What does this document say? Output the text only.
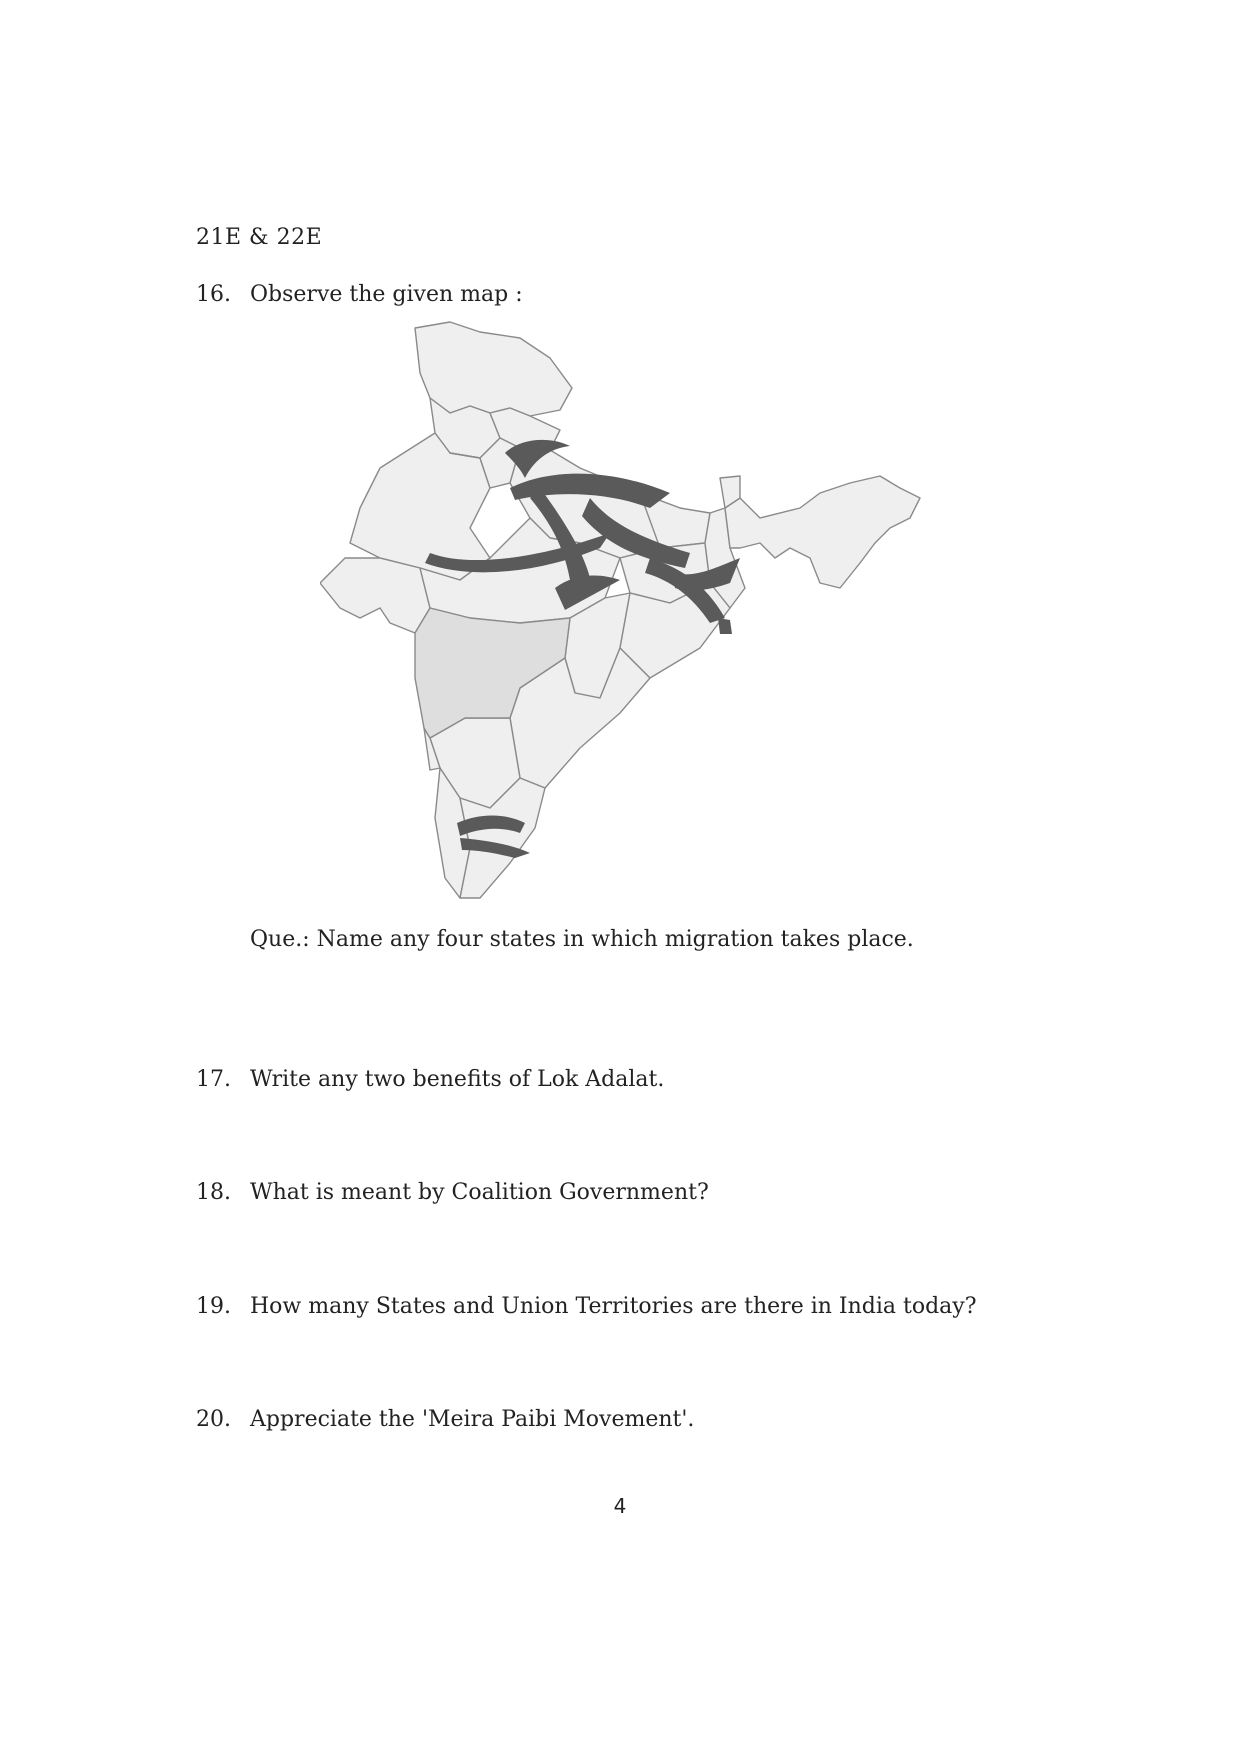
21E & 22E
16. Observe the given map :
Que.: Name any four states in which migration takes place.
17. Write any two benefits of Lok Adalat.
18. What is meant by Coalition Government?
19. How many States and Union Territories are there in India today?
20. Appreciate the 'Meira Paibi Movement'.
4
